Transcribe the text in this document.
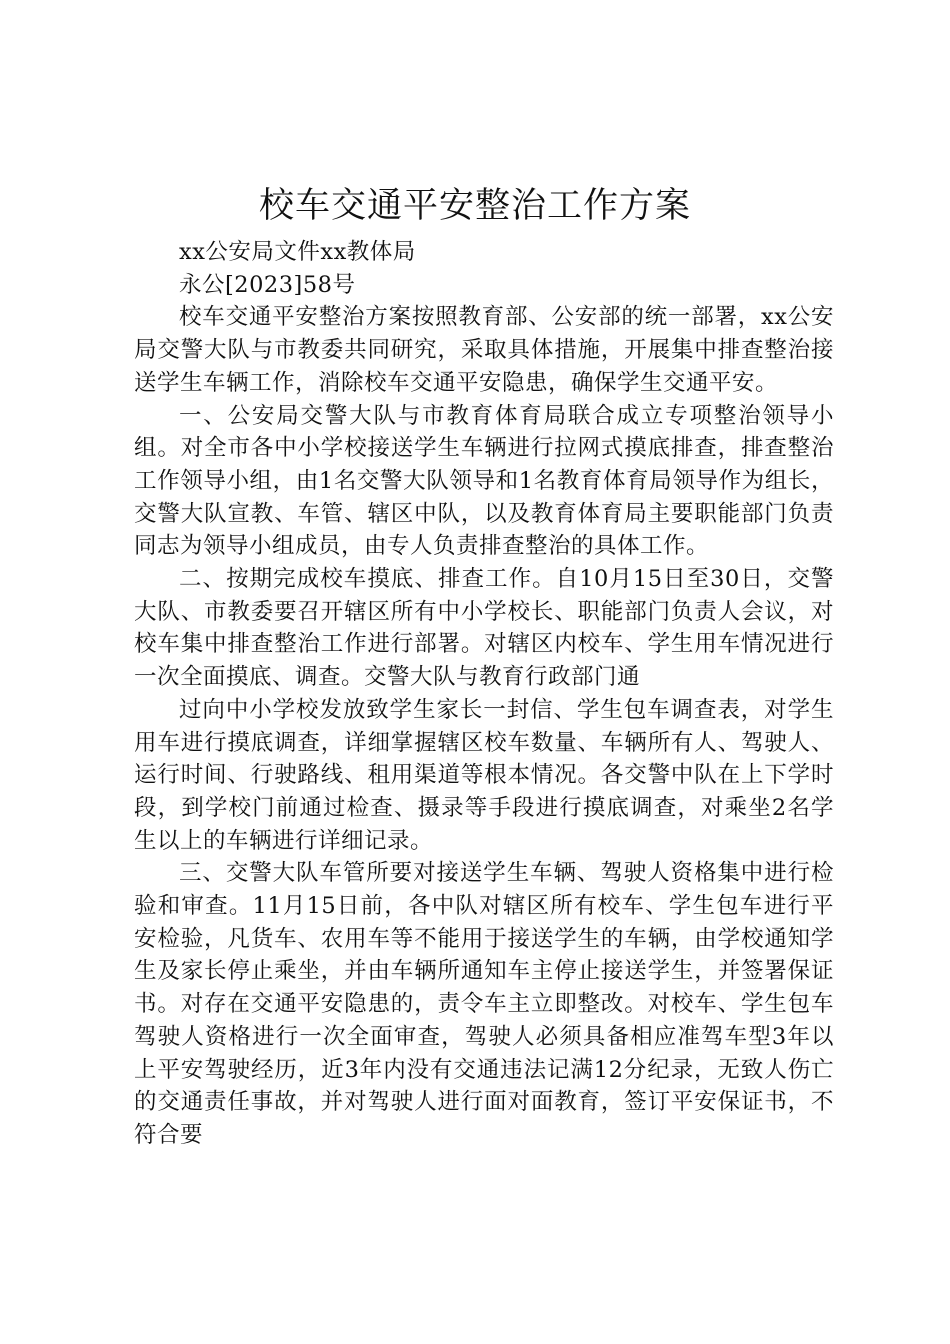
校车交通平安整治工作方案

xx公安局文件xx教体局

永公[2023]58号

校车交通平安整治方案按照教育部、公安部的统一部署，xx公安局交警大队与市教委共同研究，采取具体措施，开展集中排查整治接送学生车辆工作，消除校车交通平安隐患，确保学生交通平安。

一、公安局交警大队与市教育体育局联合成立专项整治领导小组。对全市各中小学校接送学生车辆进行拉网式摸底排查，排查整治工作领导小组，由1名交警大队领导和1名教育体育局领导作为组长，交警大队宣教、车管、辖区中队，以及教育体育局主要职能部门负责同志为领导小组成员，由专人负责排查整治的具体工作。

二、按期完成校车摸底、排查工作。自10月15日至30日，交警大队、市教委要召开辖区所有中小学校长、职能部门负责人会议，对校车集中排查整治工作进行部署。对辖区内校车、学生用车情况进行一次全面摸底、调查。交警大队与教育行政部门通

过向中小学校发放致学生家长一封信、学生包车调查表，对学生用车进行摸底调查，详细掌握辖区校车数量、车辆所有人、驾驶人、运行时间、行驶路线、租用渠道等根本情况。各交警中队在上下学时段，到学校门前通过检查、摄录等手段进行摸底调查，对乘坐2名学生以上的车辆进行详细记录。

三、交警大队车管所要对接送学生车辆、驾驶人资格集中进行检验和审查。11月15日前，各中队对辖区所有校车、学生包车进行平安检验，凡货车、农用车等不能用于接送学生的车辆，由学校通知学生及家长停止乘坐，并由车辆所通知车主停止接送学生，并签署保证书。对存在交通平安隐患的，责令车主立即整改。对校车、学生包车驾驶人资格进行一次全面审查，驾驶人必须具备相应准驾车型3年以上平安驾驶经历，近3年内没有交通违法记满12分纪录，无致人伤亡的交通责任事故，并对驾驶人进行面对面教育，签订平安保证书，不符合要
